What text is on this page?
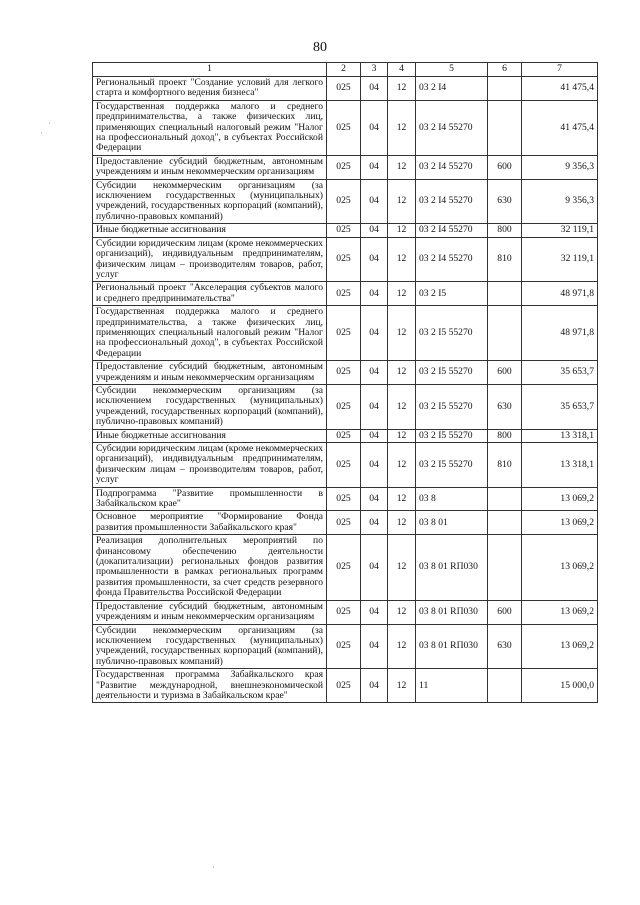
80
·
·
·
1	2	3	4	5	6	7
Региональный проект "Создание условий для легкого старта и комфортного ведения бизнеса"	025	04	12	03 2 I4		41 475,4
Государственная поддержка малого и среднего предпринимательства, а также физических лиц, применяющих специальный налоговый режим "Налог на профессиональный доход", в субъектах Российской Федерации	025	04	12	03 2 I4 55270		41 475,4
Предоставление субсидий бюджетным, автономным учреждениям и иным некоммерческим организациям	025	04	12	03 2 I4 55270	600	9 356,3
Субсидии некоммерческим организациям (за исключением государственных (муниципальных) учреждений, государственных корпораций (компаний), публично-правовых компаний)	025	04	12	03 2 I4 55270	630	9 356,3
Иные бюджетные ассигнования	025	04	12	03 2 I4 55270	800	32 119,1
Субсидии юридическим лицам (кроме некоммерческих организаций), индивидуальным предпринимателям, физическим лицам – производителям товаров, работ, услуг	025	04	12	03 2 I4 55270	810	32 119,1
Региональный проект "Акселерация субъектов малого и среднего предпринимательства"	025	04	12	03 2 I5		48 971,8
Государственная поддержка малого и среднего предпринимательства, а также физических лиц, применяющих специальный налоговый режим "Налог на профессиональный доход", в субъектах Российской Федерации	025	04	12	03 2 I5 55270		48 971,8
Предоставление субсидий бюджетным, автономным учреждениям и иным некоммерческим организациям	025	04	12	03 2 I5 55270	600	35 653,7
Субсидии некоммерческим организациям (за исключением государственных (муниципальных) учреждений, государственных корпораций (компаний), публично-правовых компаний)	025	04	12	03 2 I5 55270	630	35 653,7
Иные бюджетные ассигнования	025	04	12	03 2 I5 55270	800	13 318,1
Субсидии юридическим лицам (кроме некоммерческих организаций), индивидуальным предпринимателям, физическим лицам – производителям товаров, работ, услуг	025	04	12	03 2 I5 55270	810	13 318,1
Подпрограмма "Развитие промышленности в Забайкальском крае"	025	04	12	03 8		13 069,2
Основное мероприятие "Формирование Фонда развития промышленности Забайкальского края"	025	04	12	03 8 01		13 069,2
Реализация дополнительных мероприятий по финансовому обеспечению деятельности (докапитализации) региональных фондов развития промышленности в рамках региональных программ развития промышленности, за счет средств резервного фонда Правительства Российской Федерации	025	04	12	03 8 01 RП030		13 069,2
Предоставление субсидий бюджетным, автономным учреждениям и иным некоммерческим организациям	025	04	12	03 8 01 RП030	600	13 069,2
Субсидии некоммерческим организациям (за исключением государственных (муниципальных) учреждений, государственных корпораций (компаний), публично-правовых компаний)	025	04	12	03 8 01 RП030	630	13 069,2
Государственная программа Забайкальского края "Развитие международной, внешнеэкономической деятельности и туризма в Забайкальском крае"	025	04	12	11		15 000,0
